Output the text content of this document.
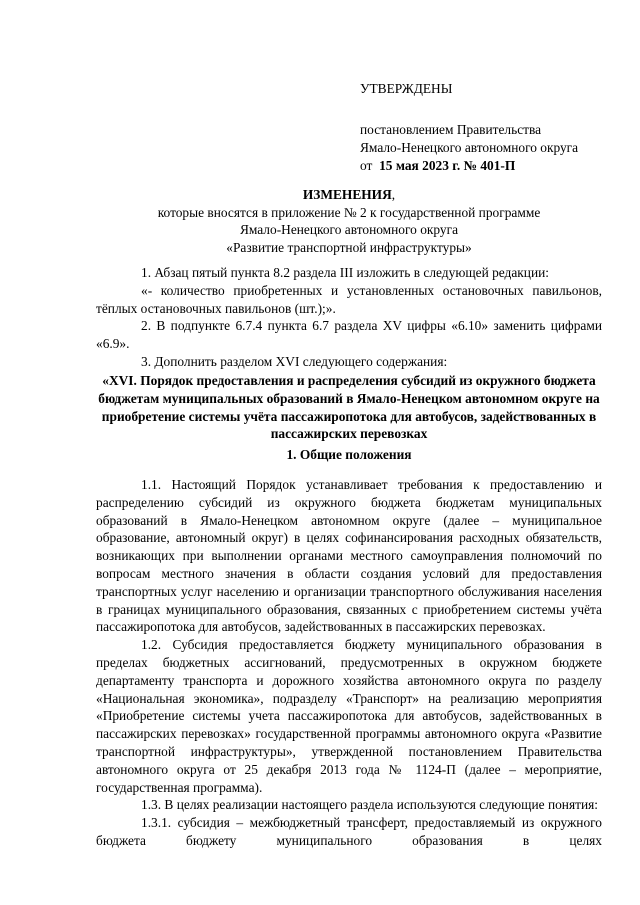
УТВЕРЖДЕНЫ
постановлением Правительства
Ямало-Ненецкого автономного округа
от 15 мая 2023 г. № 401-П
ИЗМЕНЕНИЯ,
которые вносятся в приложение № 2 к государственной программе
Ямало-Ненецкого автономного округа
«Развитие транспортной инфраструктуры»

1. Абзац пятый пункта 8.2 раздела III изложить в следующей редакции:

«- количество приобретенных и установленных остановочных павильонов, тёплых остановочных павильонов (шт.);».

2. В подпункте 6.7.4 пункта 6.7 раздела XV цифры «6.10» заменить цифрами «6.9».

3. Дополнить разделом XVI следующего содержания:

«XVI. Порядок предоставления и распределения субсидий из окружного бюджета бюджетам муниципальных образований в Ямало-Ненецком автономном округе на приобретение системы учёта пассажиропотока для автобусов, задействованных в пассажирских перевозках

1. Общие положения

1.1. Настоящий Порядок устанавливает требования к предоставлению и распределению субсидий из окружного бюджета бюджетам муниципальных образований в Ямало-Ненецком автономном округе (далее – муниципальное образование, автономный округ) в целях софинансирования расходных обязательств, возникающих при выполнении органами местного самоуправления полномочий по вопросам местного значения в области создания условий для предоставления транспортных услуг населению и организации транспортного обслуживания населения в границах муниципального образования, связанных с приобретением системы учёта пассажиропотока для автобусов, задействованных в пассажирских перевозках.

1.2. Субсидия предоставляется бюджету муниципального образования в пределах бюджетных ассигнований, предусмотренных в окружном бюджете департаменту транспорта и дорожного хозяйства автономного округа по разделу «Национальная экономика», подразделу «Транспорт» на реализацию мероприятия «Приобретение системы учета пассажиропотока для автобусов, задействованных в пассажирских перевозках» государственной программы автономного округа «Развитие транспортной инфраструктуры», утвержденной постановлением Правительства автономного округа от 25 декабря 2013 года № 1124-П (далее – мероприятие, государственная программа).

1.3. В целях реализации настоящего раздела используются следующие понятия:

1.3.1. субсидия – межбюджетный трансферт, предоставляемый из окружного бюджета бюджету муниципального образования в целях
